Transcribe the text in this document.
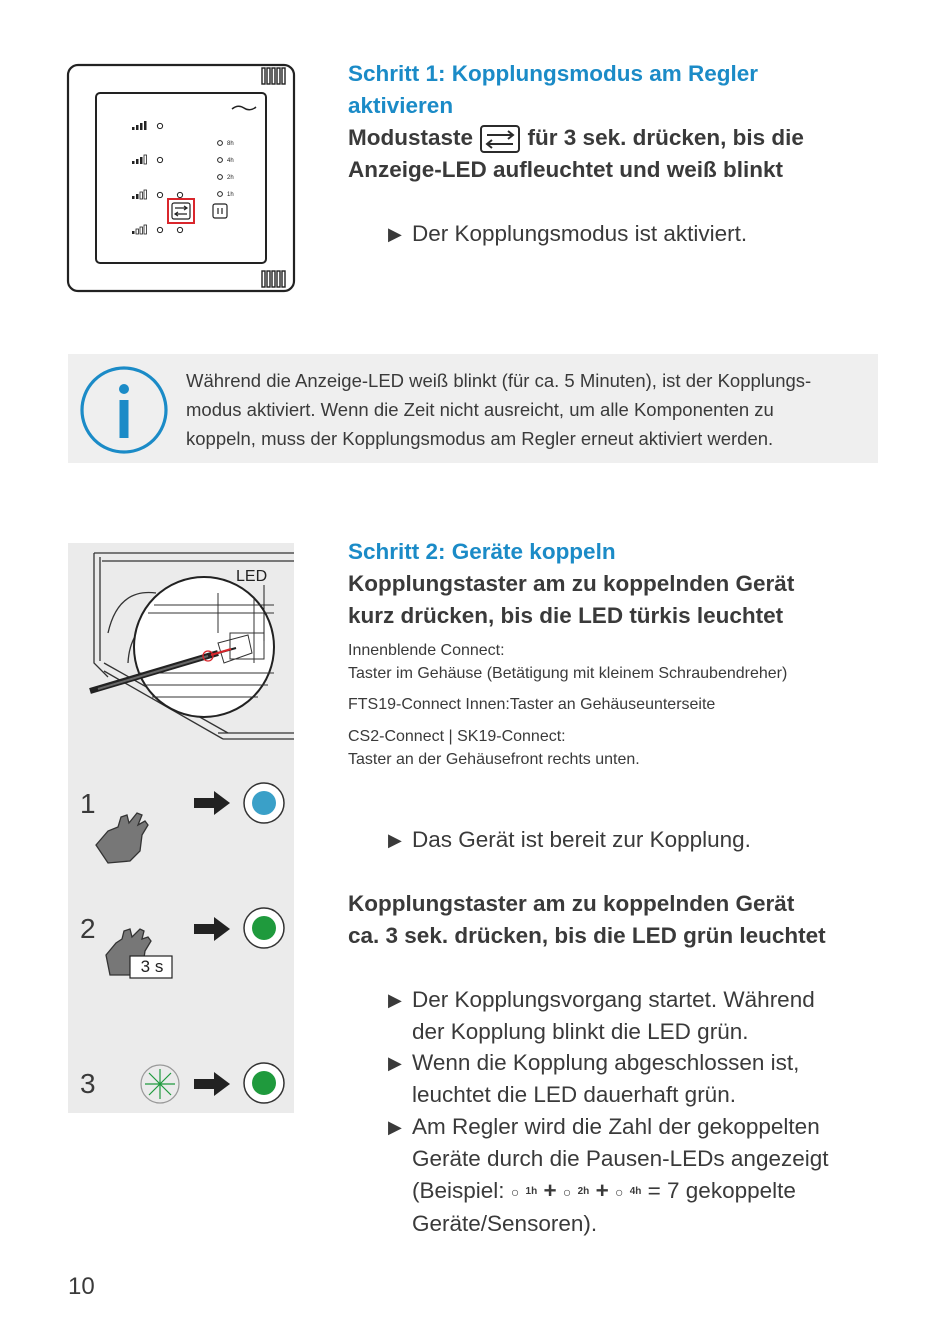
8h
4h
2h
1h

Schritt 1: Kopplungsmodus am Regler

aktivieren

Modustaste für 3 sek. drücken, bis die

Anzeige-LED aufleuchtet und weiß blinkt

▶ Der Kopplungsmodus ist aktiviert.
Während die Anzeige-LED weiß blinkt (für ca. 5 Minuten), ist der Kopplungs-
modus aktiviert. Wenn die Zeit nicht ausreicht, um alle Komponenten zu
koppeln, muss der Kopplungsmodus am Regler erneut aktiviert werden.
LED
1
2
3
3 s

Schritt 2: Geräte koppeln

Kopplungstaster am zu koppelnden Gerät

kurz drücken, bis die LED türkis leuchtet

Innenblende Connect:

Taster im Gehäuse (Betätigung mit kleinem Schraubendreher)

FTS19-Connect Innen:Taster an Gehäuseunterseite

CS2-Connect | SK19-Connect:

Taster an der Gehäusefront rechts unten.

▶ Das Gerät ist bereit zur Kopplung.

Kopplungstaster am zu koppelnden Gerät

ca. 3 sek. drücken, bis die LED grün leuchtet

▶ Der Kopplungsvorgang startet. Während
der Kopplung blinkt die LED grün.
▶ Wenn die Kopplung abgeschlossen ist,
leuchtet die LED dauerhaft grün.
▶ Am Regler wird die Zahl der gekoppelten
Geräte durch die Pausen-LEDs angezeigt
(Beispiel: ○ 1h + ○ 2h + ○ 4h = 7 gekoppelte
Geräte/Sensoren).
10
